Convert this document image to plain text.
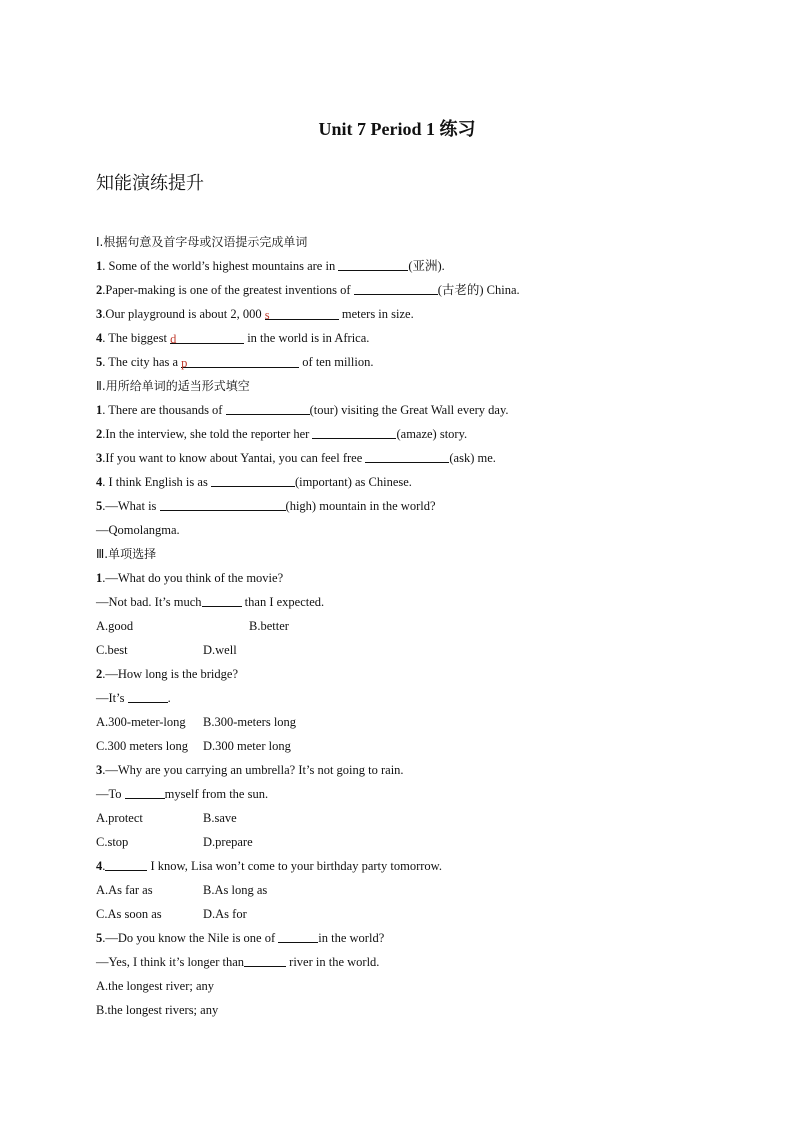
Unit 7 Period 1 练习
知能演练提升
Ⅰ.根据句意及首字母或汉语提示完成单词
1. Some of the world’s highest mountains are in	(亚洲).
2.Paper-making is one of the greatest inventions of	(古老的) China.
3.Our playground is about 2, 000 s	meters in size.
4. The biggest d	in the world is in Africa.
5. The city has a p	of ten million.
Ⅱ.用所给单词的适当形式填空
1. There are thousands of	(tour) visiting the Great Wall every day.
2.In the interview, she told the reporter her	(amaze) story.
3.If you want to know about Yantai, you can feel free	(ask) me.
4. I think English is as	(important) as Chinese.
5.—What is	(high) mountain in the world?
—Qomolangma.
Ⅲ.单项选择
1.—What do you think of the movie?
—Not bad. It’s much	than I expected.
A.good	B.better
C.best	D.well
2.—How long is the bridge?
—It’s	.
A.300-meter-long B.300-meters long
C.300 meters long D.300 meter long
3.—Why are you carrying an umbrella? It’s not going to rain.
—To	myself from the sun.
A.protect	B.save
C.stop	D.prepare
4.	I know, Lisa won’t come to your birthday party tomorrow.
A.As far as	B.As long as
C.As soon as	D.As for
5.—Do you know the Nile is one of	in the world?
—Yes, I think it’s longer than	river in the world.
A.the longest river; any
B.the longest rivers; any
